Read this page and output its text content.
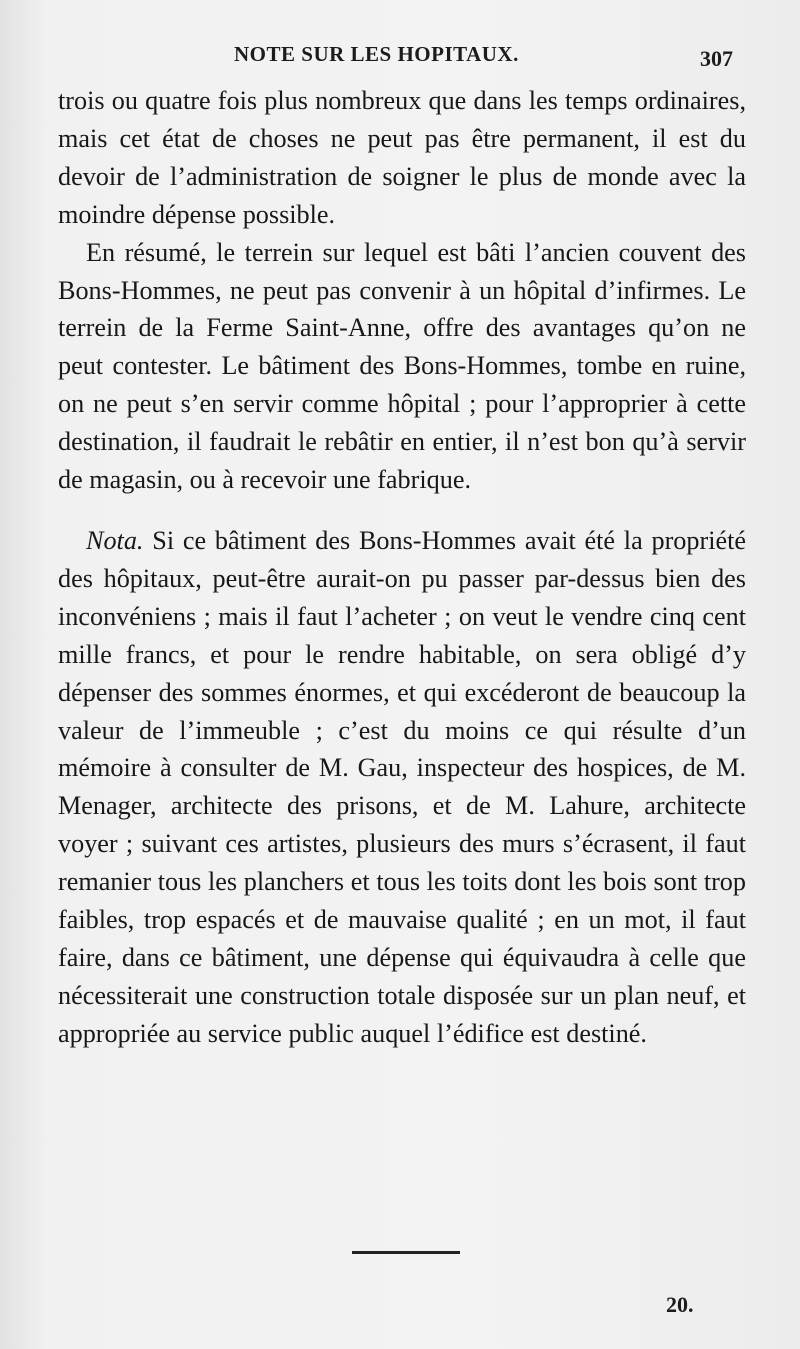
NOTE SUR LES HOPITAUX.	307

trois ou quatre fois plus nombreux que dans les temps ordinaires, mais cet état de choses ne peut pas être permanent, il est du devoir de l’administration de soigner le plus de monde avec la moindre dépense possible.

En résumé, le terrein sur lequel est bâti l’ancien couvent des Bons-Hommes, ne peut pas convenir à un hôpital d’infirmes. Le terrein de la Ferme Saint-Anne, offre des avantages qu’on ne peut contester. Le bâtiment des Bons-Hommes, tombe en ruine, on ne peut s’en servir comme hôpital ; pour l’approprier à cette destination, il faudrait le rebâtir en entier, il n’est bon qu’à servir de magasin, ou à recevoir une fabrique.

Nota. Si ce bâtiment des Bons-Hommes avait été la propriété des hôpitaux, peut-être aurait-on pu passer par-dessus bien des inconvéniens ; mais il faut l’acheter ; on veut le vendre cinq cent mille francs, et pour le rendre habitable, on sera obligé d’y dépenser des sommes énormes, et qui excéderont de beaucoup la valeur de l’immeuble ; c’est du moins ce qui résulte d’un mémoire à consulter de M. Gau, inspecteur des hospices, de M. Menager, architecte des prisons, et de M. Lahure, architecte voyer ; suivant ces artistes, plusieurs des murs s’écrasent, il faut remanier tous les planchers et tous les toits dont les bois sont trop faibles, trop espacés et de mauvaise qualité ; en un mot, il faut faire, dans ce bâtiment, une dépense qui équivaudra à celle que nécessiterait une construction totale disposée sur un plan neuf, et appropriée au service public auquel l’édifice est destiné.

20.
